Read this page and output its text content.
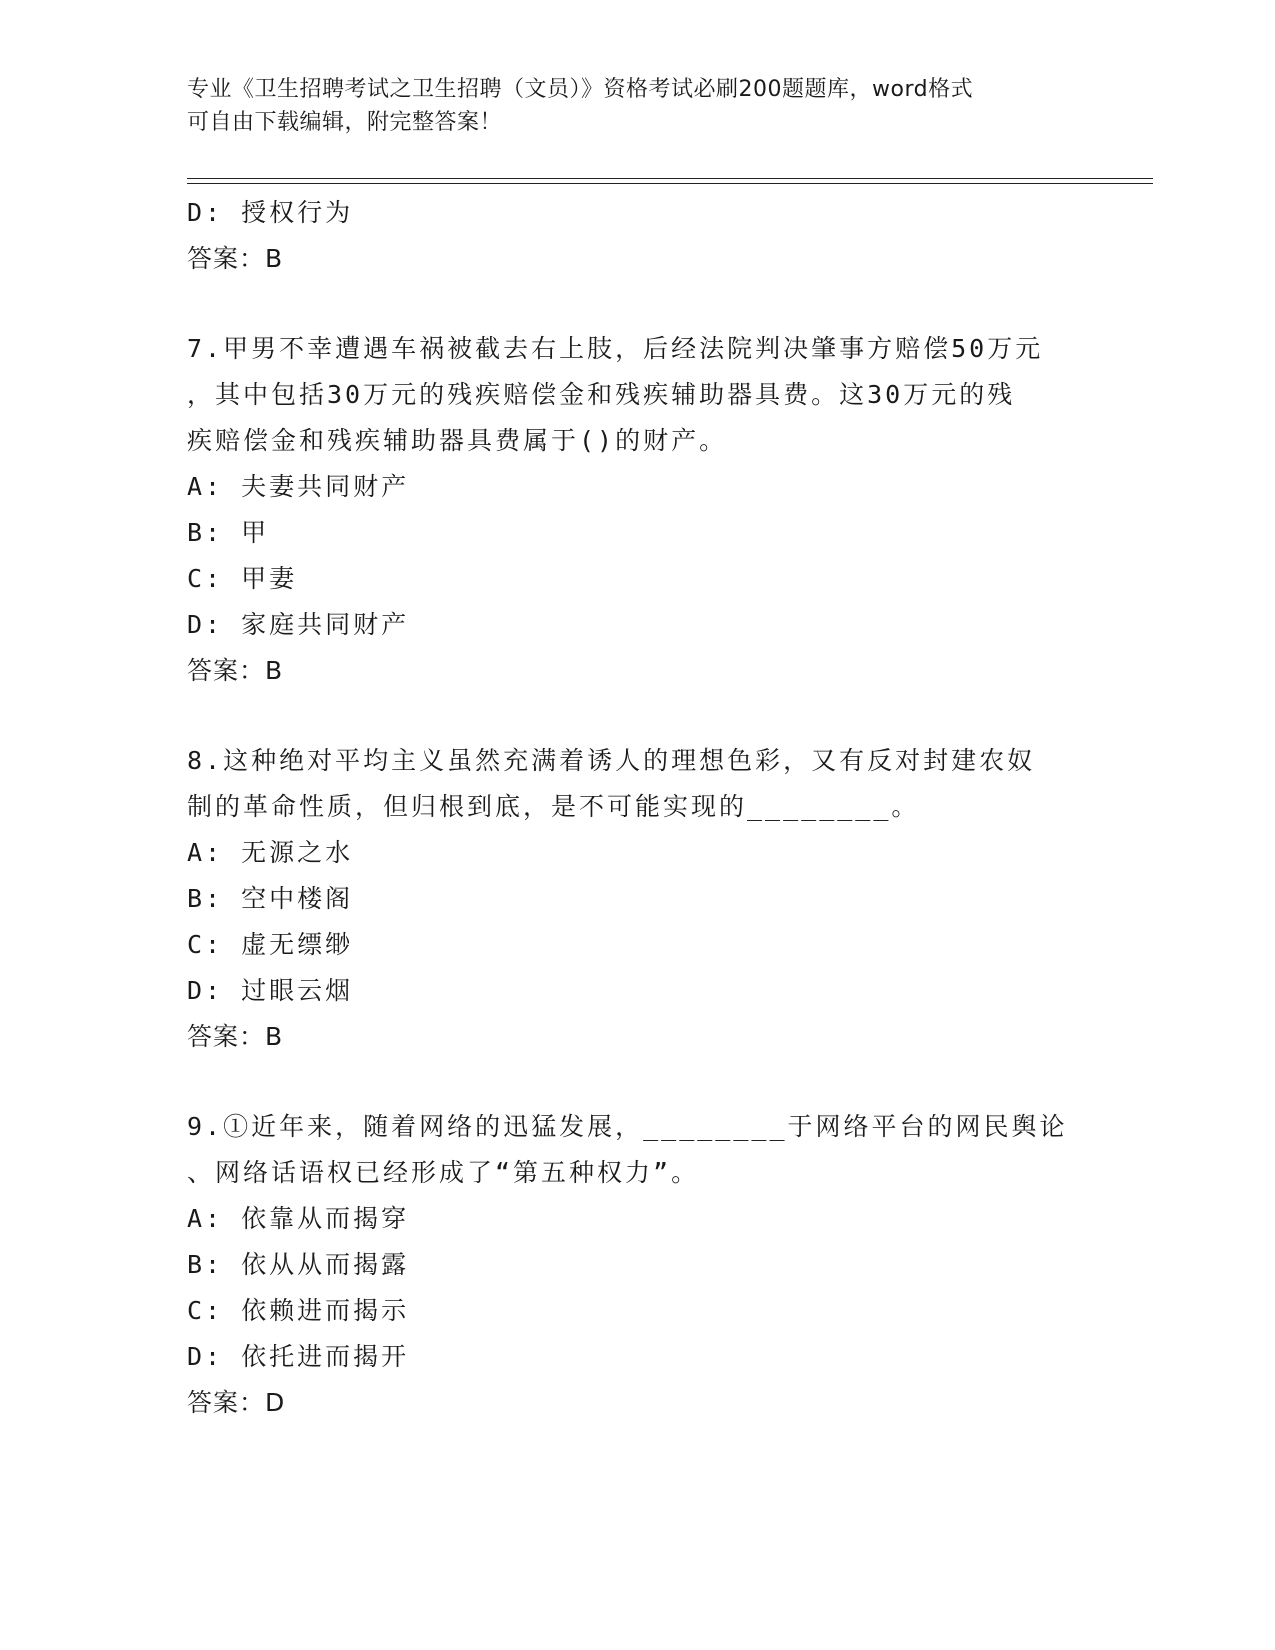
专业《卫生招聘考试之卫生招聘（文员）》资格考试必刷200题题库，word格式
可自由下载编辑，附完整答案！
D: 授权行为
答案：B
7.甲男不幸遭遇车祸被截去右上肢，后经法院判决肇事方赔偿50万元
，其中包括30万元的残疾赔偿金和残疾辅助器具费。这30万元的残
疾赔偿金和残疾辅助器具费属于()的财产。
A: 夫妻共同财产
B: 甲
C: 甲妻
D: 家庭共同财产
答案：B
8.这种绝对平均主义虽然充满着诱人的理想色彩，又有反对封建农奴
制的革命性质，但归根到底，是不可能实现的________。
A: 无源之水
B: 空中楼阁
C: 虚无缥缈
D: 过眼云烟
答案：B
9.①近年来，随着网络的迅猛发展，________于网络平台的网民舆论
、网络话语权已经形成了“第五种权力”。
A: 依靠从而揭穿
B: 依从从而揭露
C: 依赖进而揭示
D: 依托进而揭开
答案：D
